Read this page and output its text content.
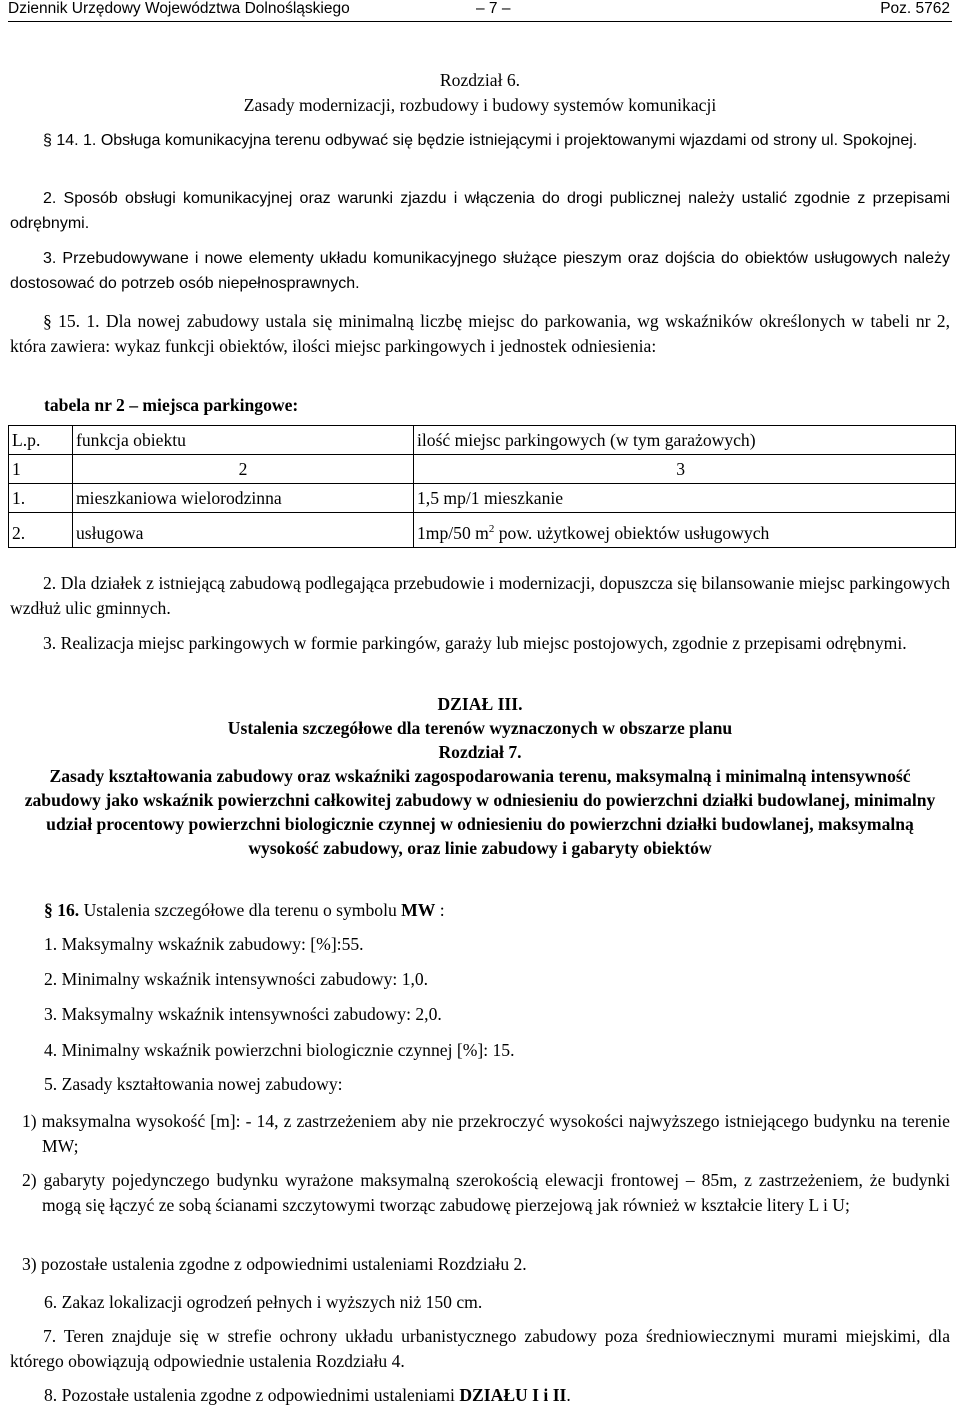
Dziennik Urzędowy Województwa Dolnośląskiego	– 7 –	Poz. 5762
Rozdział 6.
Zasady modernizacji, rozbudowy i budowy systemów komunikacji
§ 14. 1. Obsługa komunikacyjna terenu odbywać się będzie istniejącymi i projektowanymi wjazdami od strony ul. Spokojnej.
2. Sposób obsługi komunikacyjnej oraz warunki zjazdu i włączenia do drogi publicznej należy ustalić zgodnie z przepisami odrębnymi.
3. Przebudowywane i nowe elementy układu komunikacyjnego służące pieszym oraz dojścia do obiektów usługowych należy dostosować do potrzeb osób niepełnosprawnych.
§ 15. 1. Dla nowej zabudowy ustala się minimalną liczbę miejsc do parkowania, wg wskaźników określonych w tabeli nr 2, która zawiera: wykaz funkcji obiektów, ilości miejsc parkingowych i jednostek odniesienia:
tabela nr 2 – miejsca parkingowe:
L.p.	funkcja obiektu	ilość miejsc parkingowych (w tym garażowych)
1	2	3
1.	mieszkaniowa wielorodzinna	1,5 mp/1 mieszkanie
2.	usługowa	1mp/50 $m^2$ pow. użytkowej obiektów usługowych
2. Dla działek z istniejącą zabudową podlegająca przebudowie i modernizacji, dopuszcza się bilansowanie miejsc parkingowych wzdłuż ulic gminnych.
3. Realizacja miejsc parkingowych w formie parkingów, garaży lub miejsc postojowych, zgodnie z przepisami odrębnymi.
DZIAŁ III.
Ustalenia szczegółowe dla terenów wyznaczonych w obszarze planu
Rozdział 7.
Zasady kształtowania zabudowy oraz wskaźniki zagospodarowania terenu, maksymalną i minimalną intensywność zabudowy jako wskaźnik powierzchni całkowitej zabudowy w odniesieniu do powierzchni działki budowlanej, minimalny udział procentowy powierzchni biologicznie czynnej w odniesieniu do powierzchni działki budowlanej, maksymalną wysokość zabudowy, oraz linie zabudowy i gabaryty obiektów
§ 16. Ustalenia szczegółowe dla terenu o symbolu MW :
1. Maksymalny wskaźnik zabudowy: [%]:55.
2. Minimalny wskaźnik intensywności zabudowy: 1,0.
3. Maksymalny wskaźnik intensywności zabudowy: 2,0.
4. Minimalny wskaźnik powierzchni biologicznie czynnej [%]: 15.
5. Zasady kształtowania nowej zabudowy:
1) maksymalna wysokość [m]: - 14, z zastrzeżeniem aby nie przekroczyć wysokości najwyższego istniejącego budynku na terenie MW;
2) gabaryty pojedynczego budynku wyrażone maksymalną szerokością elewacji frontowej – 85m, z zastrzeżeniem, że budynki mogą się łączyć ze sobą ścianami szczytowymi tworząc zabudowę pierzejową jak również w kształcie litery L i U;
3) pozostałe ustalenia zgodne z odpowiednimi ustaleniami Rozdziału 2.
6. Zakaz lokalizacji ogrodzeń pełnych i wyższych niż 150 cm.
7. Teren znajduje się w strefie ochrony układu urbanistycznego zabudowy poza średniowiecznymi murami miejskimi, dla którego obowiązują odpowiednie ustalenia Rozdziału 4.
8. Pozostałe ustalenia zgodne z odpowiednimi ustaleniami DZIAŁU I i II.
